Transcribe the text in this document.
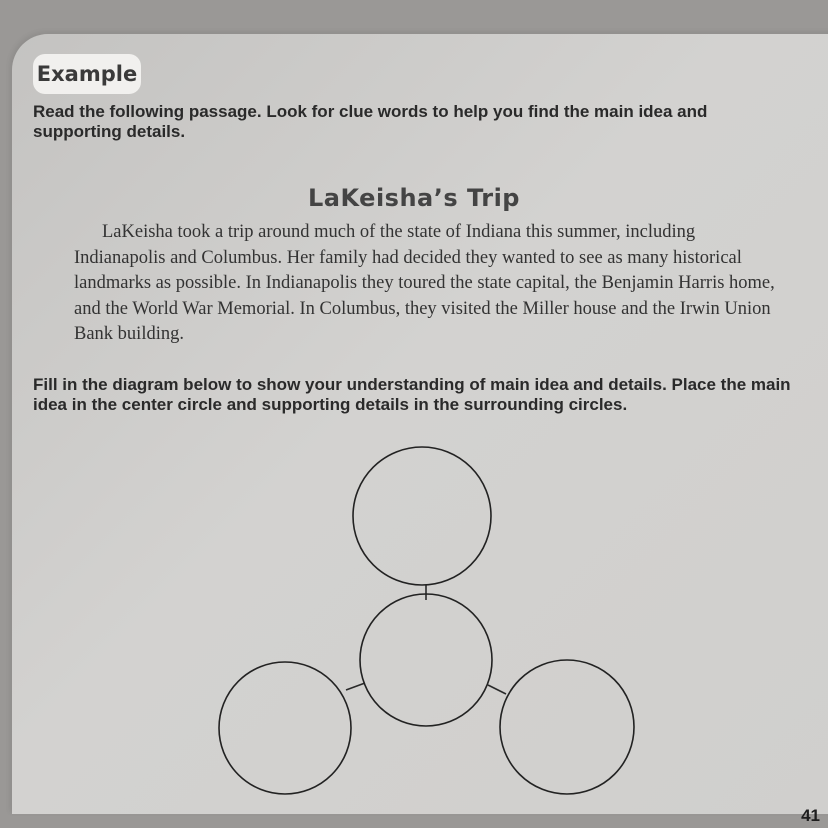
Example
Read the following passage. Look for clue words to help you find the main idea and supporting details.
LaKeisha’s Trip

LaKeisha took a trip around much of the state of Indiana this summer, including Indianapolis and Columbus. Her family had decided they wanted to see as many historical landmarks as possible. In Indianapolis they toured the state capital, the Benjamin Harris home, and the World War Memorial. In Columbus, they visited the Miller house and the Irwin Union Bank building.

Fill in the diagram below to show your understanding of main idea and details. Place the main idea in the center circle and supporting details in the surrounding circles.
41
